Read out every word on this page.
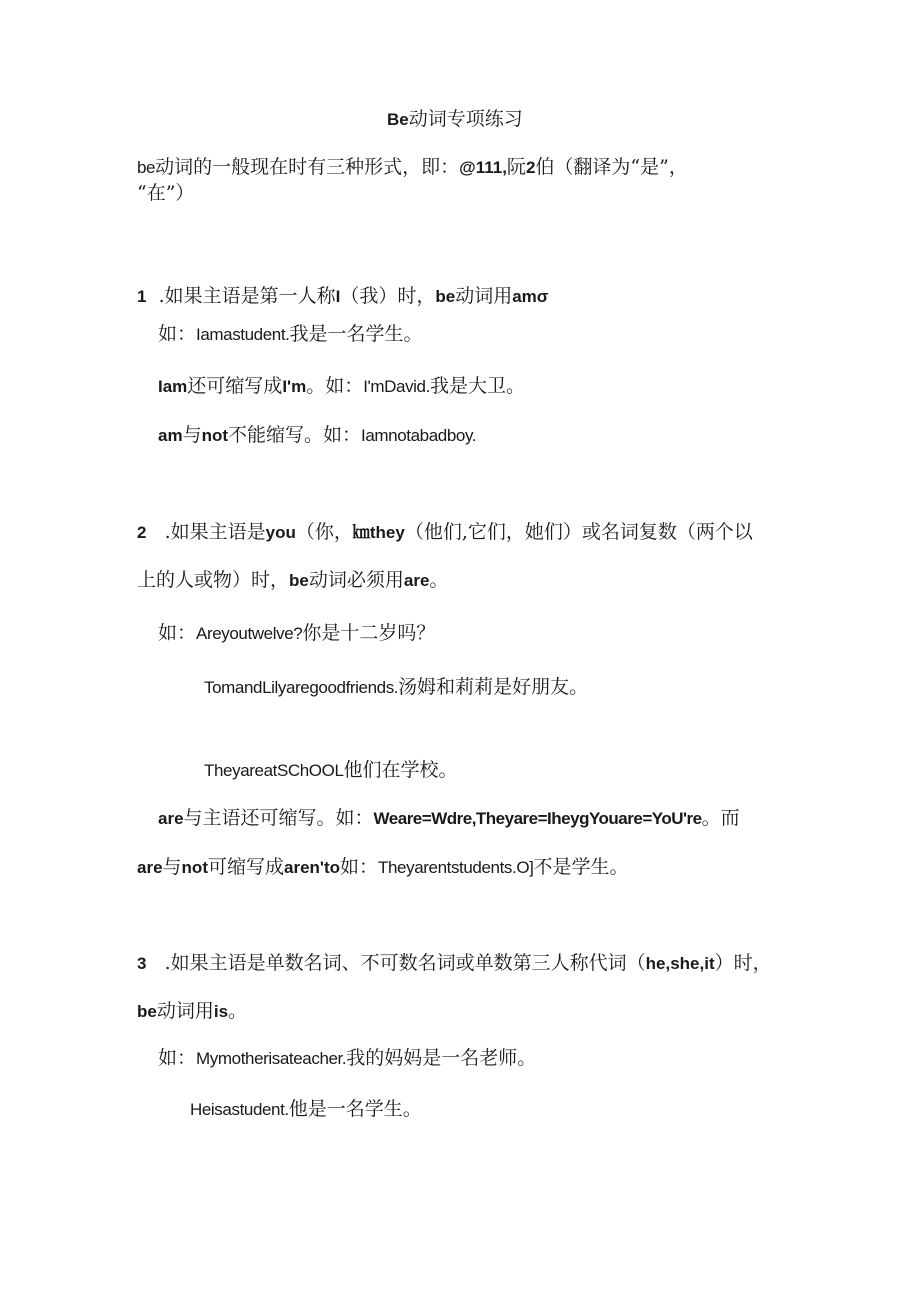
Be动词专项练习
be动词的一般现在时有三种形式，即：@111,阮2伯（翻译为“是”，
“在”）
1 .如果主语是第一人称I（我）时，be动词用amσ
如：Iamastudent.我是一名学生。
Iam还可缩写成I'm。如：I'mDavid.我是大卫。
am与not不能缩写。如：Iamnotabadboy.
2 .如果主语是you（你，㎞they（他们,它们，她们）或名词复数（两个以
上的人或物）时，be动词必须用are。
如：Areyoutwelve?你是十二岁吗？
TomandLilyaregoodfriends.汤姆和莉莉是好朋友。
TheyareatSChOOL他们在学校。
are与主语还可缩写。如：Weare=Wdre,Theyare=IheygYouare=YoU're。而
are与not可缩写成aren'to如：Theyarentstudents.O]不是学生。
3 .如果主语是单数名词、不可数名词或单数第三人称代词（he,she,it）时，
be动词用is。
如：Mymotherisateacher.我的妈妈是一名老师。
Heisastudent.他是一名学生。
